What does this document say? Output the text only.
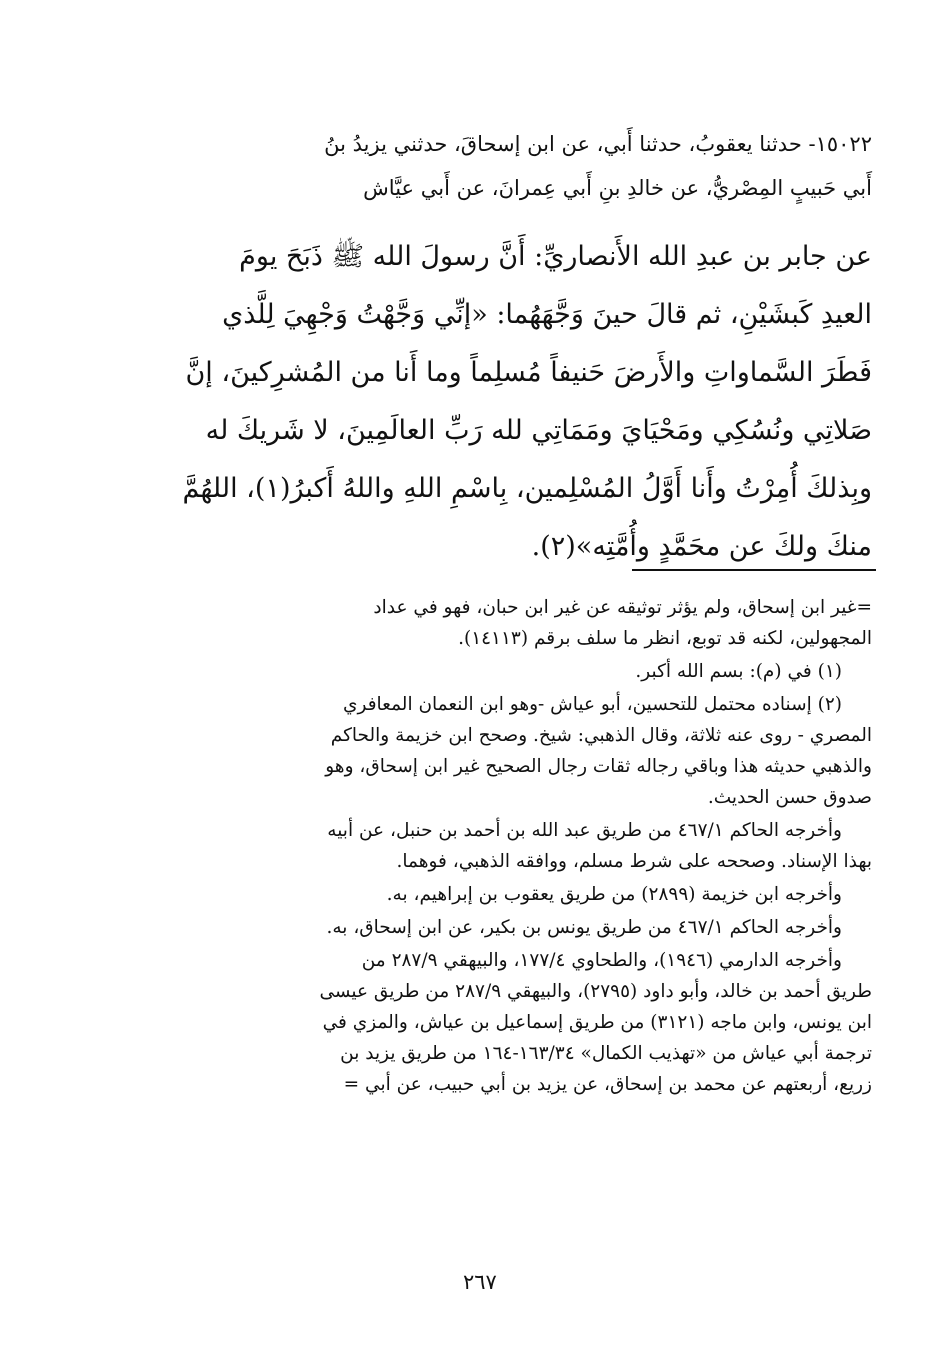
١٥٠٢٢- حدثنا يعقوبُ، حدثنا أَبي، عن ابن إسحاقَ، حدثني يزيدُ بنُ
أَبي حَبيبٍ المِصْريُّ، عن خالدِ بنِ أَبي عِمرانَ، عن أَبي عيَّاش
عن جابر بن عبدِ الله الأَنصاريِّ: أَنَّ رسولَ الله ﷺ ذَبَحَ يومَ
العيدِ كَبشَيْنِ، ثم قالَ حينَ وَجَّهَهُما: «إنِّي وَجَّهْتُ وَجْهِيَ لِلَّذي
فَطَرَ السَّماواتِ والأَرضَ حَنيفاً مُسلِماً وما أَنا من المُشرِكينَ، إنَّ
صَلاتِي ونُسُكِي ومَحْيَايَ ومَمَاتِي لله رَبِّ العالَمِينَ، لا شَريكَ له
وبِذلكَ أُمِرْتُ وأَنا أَوَّلُ المُسْلِمين، بِاسْمِ اللهِ واللهُ أَكبرُ(١)، اللهُمَّ
منكَ ولكَ عن محَمَّدٍ وأُمَّتِه»(٢).

=غير ابن إسحاق، ولم يؤثر توثيقه عن غير ابن حبان، فهو في عداد
المجهولين، لكنه قد توبع، انظر ما سلف برقم (١٤١١٣).

(١) في (م): بسم الله أكبر.

(٢) إسناده محتمل للتحسين، أبو عياش -وهو ابن النعمان المعافري
المصري - روى عنه ثلاثة، وقال الذهبي: شيخ. وصحح ابن خزيمة والحاكم
والذهبي حديثه هذا وباقي رجاله ثقات رجال الصحيح غير ابن إسحاق، وهو
صدوق حسن الحديث.

وأخرجه الحاكم ٤٦٧/١ من طريق عبد الله بن أحمد بن حنبل، عن أبيه
بهذا الإسناد. وصححه على شرط مسلم، ووافقه الذهبي، فوهما.

وأخرجه ابن خزيمة (٢٨٩٩) من طريق يعقوب بن إبراهيم، به.

وأخرجه الحاكم ٤٦٧/١ من طريق يونس بن بكير، عن ابن إسحاق، به.

وأخرجه الدارمي (١٩٤٦)، والطحاوي ١٧٧/٤، والبيهقي ٢٨٧/٩ من
طريق أحمد بن خالد، وأبو داود (٢٧٩٥)، والبيهقي ٢٨٧/٩ من طريق عيسى
ابن يونس، وابن ماجه (٣١٢١) من طريق إسماعيل بن عياش، والمزي في
ترجمة أبي عياش من «تهذيب الكمال» ١٦٣/٣٤-١٦٤ من طريق يزيد بن
زريع، أربعتهم عن محمد بن إسحاق، عن يزيد بن أبي حبيب، عن أبي =

٢٦٧
